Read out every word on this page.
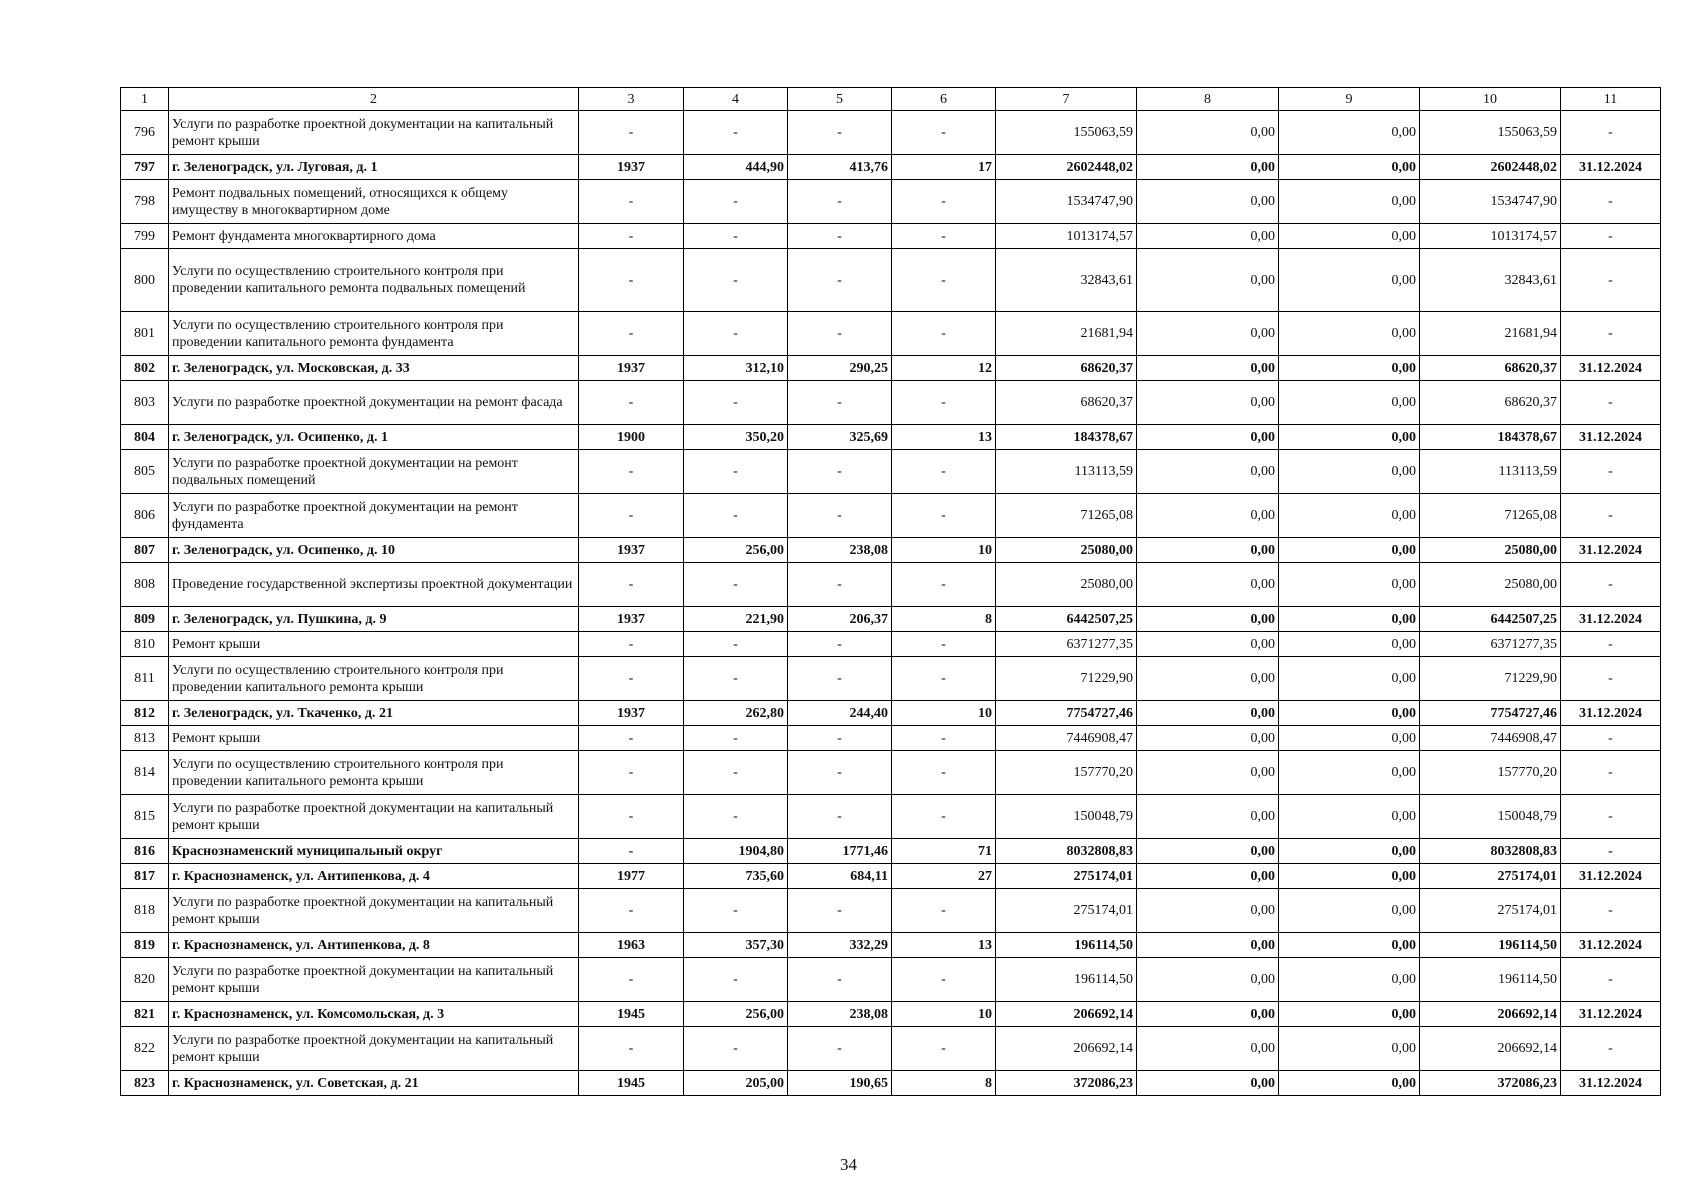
1	2	3	4	5	6	7	8	9	10	11
796	Услуги по разработке проектной документации на капитальный ремонт крыши	-	-	-	-	155063,59	0,00	0,00	155063,59	-
797	г. Зеленоградск, ул. Луговая, д. 1	1937	444,90	413,76	17	2602448,02	0,00	0,00	2602448,02	31.12.2024
798	Ремонт подвальных помещений, относящихся к общему имуществу в многоквартирном доме	-	-	-	-	1534747,90	0,00	0,00	1534747,90	-
799	Ремонт фундамента многоквартирного дома	-	-	-	-	1013174,57	0,00	0,00	1013174,57	-
800	Услуги по осуществлению строительного контроля при проведении капитального ремонта подвальных помещений	-	-	-	-	32843,61	0,00	0,00	32843,61	-
801	Услуги по осуществлению строительного контроля при проведении капитального ремонта фундамента	-	-	-	-	21681,94	0,00	0,00	21681,94	-
802	г. Зеленоградск, ул. Московская, д. 33	1937	312,10	290,25	12	68620,37	0,00	0,00	68620,37	31.12.2024
803	Услуги по разработке проектной документации на ремонт фасада	-	-	-	-	68620,37	0,00	0,00	68620,37	-
804	г. Зеленоградск, ул. Осипенко, д. 1	1900	350,20	325,69	13	184378,67	0,00	0,00	184378,67	31.12.2024
805	Услуги по разработке проектной документации на ремонт подвальных помещений	-	-	-	-	113113,59	0,00	0,00	113113,59	-
806	Услуги по разработке проектной документации на ремонт фундамента	-	-	-	-	71265,08	0,00	0,00	71265,08	-
807	г. Зеленоградск, ул. Осипенко, д. 10	1937	256,00	238,08	10	25080,00	0,00	0,00	25080,00	31.12.2024
808	Проведение государственной экспертизы проектной документации	-	-	-	-	25080,00	0,00	0,00	25080,00	-
809	г. Зеленоградск, ул. Пушкина, д. 9	1937	221,90	206,37	8	6442507,25	0,00	0,00	6442507,25	31.12.2024
810	Ремонт крыши	-	-	-	-	6371277,35	0,00	0,00	6371277,35	-
811	Услуги по осуществлению строительного контроля при проведении капитального ремонта крыши	-	-	-	-	71229,90	0,00	0,00	71229,90	-
812	г. Зеленоградск, ул. Ткаченко, д. 21	1937	262,80	244,40	10	7754727,46	0,00	0,00	7754727,46	31.12.2024
813	Ремонт крыши	-	-	-	-	7446908,47	0,00	0,00	7446908,47	-
814	Услуги по осуществлению строительного контроля при проведении капитального ремонта крыши	-	-	-	-	157770,20	0,00	0,00	157770,20	-
815	Услуги по разработке проектной документации на капитальный ремонт крыши	-	-	-	-	150048,79	0,00	0,00	150048,79	-
816	Краснознаменский муниципальный округ	-	1904,80	1771,46	71	8032808,83	0,00	0,00	8032808,83	-
817	г. Краснознаменск, ул. Антипенкова, д. 4	1977	735,60	684,11	27	275174,01	0,00	0,00	275174,01	31.12.2024
818	Услуги по разработке проектной документации на капитальный ремонт крыши	-	-	-	-	275174,01	0,00	0,00	275174,01	-
819	г. Краснознаменск, ул. Антипенкова, д. 8	1963	357,30	332,29	13	196114,50	0,00	0,00	196114,50	31.12.2024
820	Услуги по разработке проектной документации на капитальный ремонт крыши	-	-	-	-	196114,50	0,00	0,00	196114,50	-
821	г. Краснознаменск, ул. Комсомольская, д. 3	1945	256,00	238,08	10	206692,14	0,00	0,00	206692,14	31.12.2024
822	Услуги по разработке проектной документации на капитальный ремонт крыши	-	-	-	-	206692,14	0,00	0,00	206692,14	-
823	г. Краснознаменск, ул. Советская, д. 21	1945	205,00	190,65	8	372086,23	0,00	0,00	372086,23	31.12.2024
34
